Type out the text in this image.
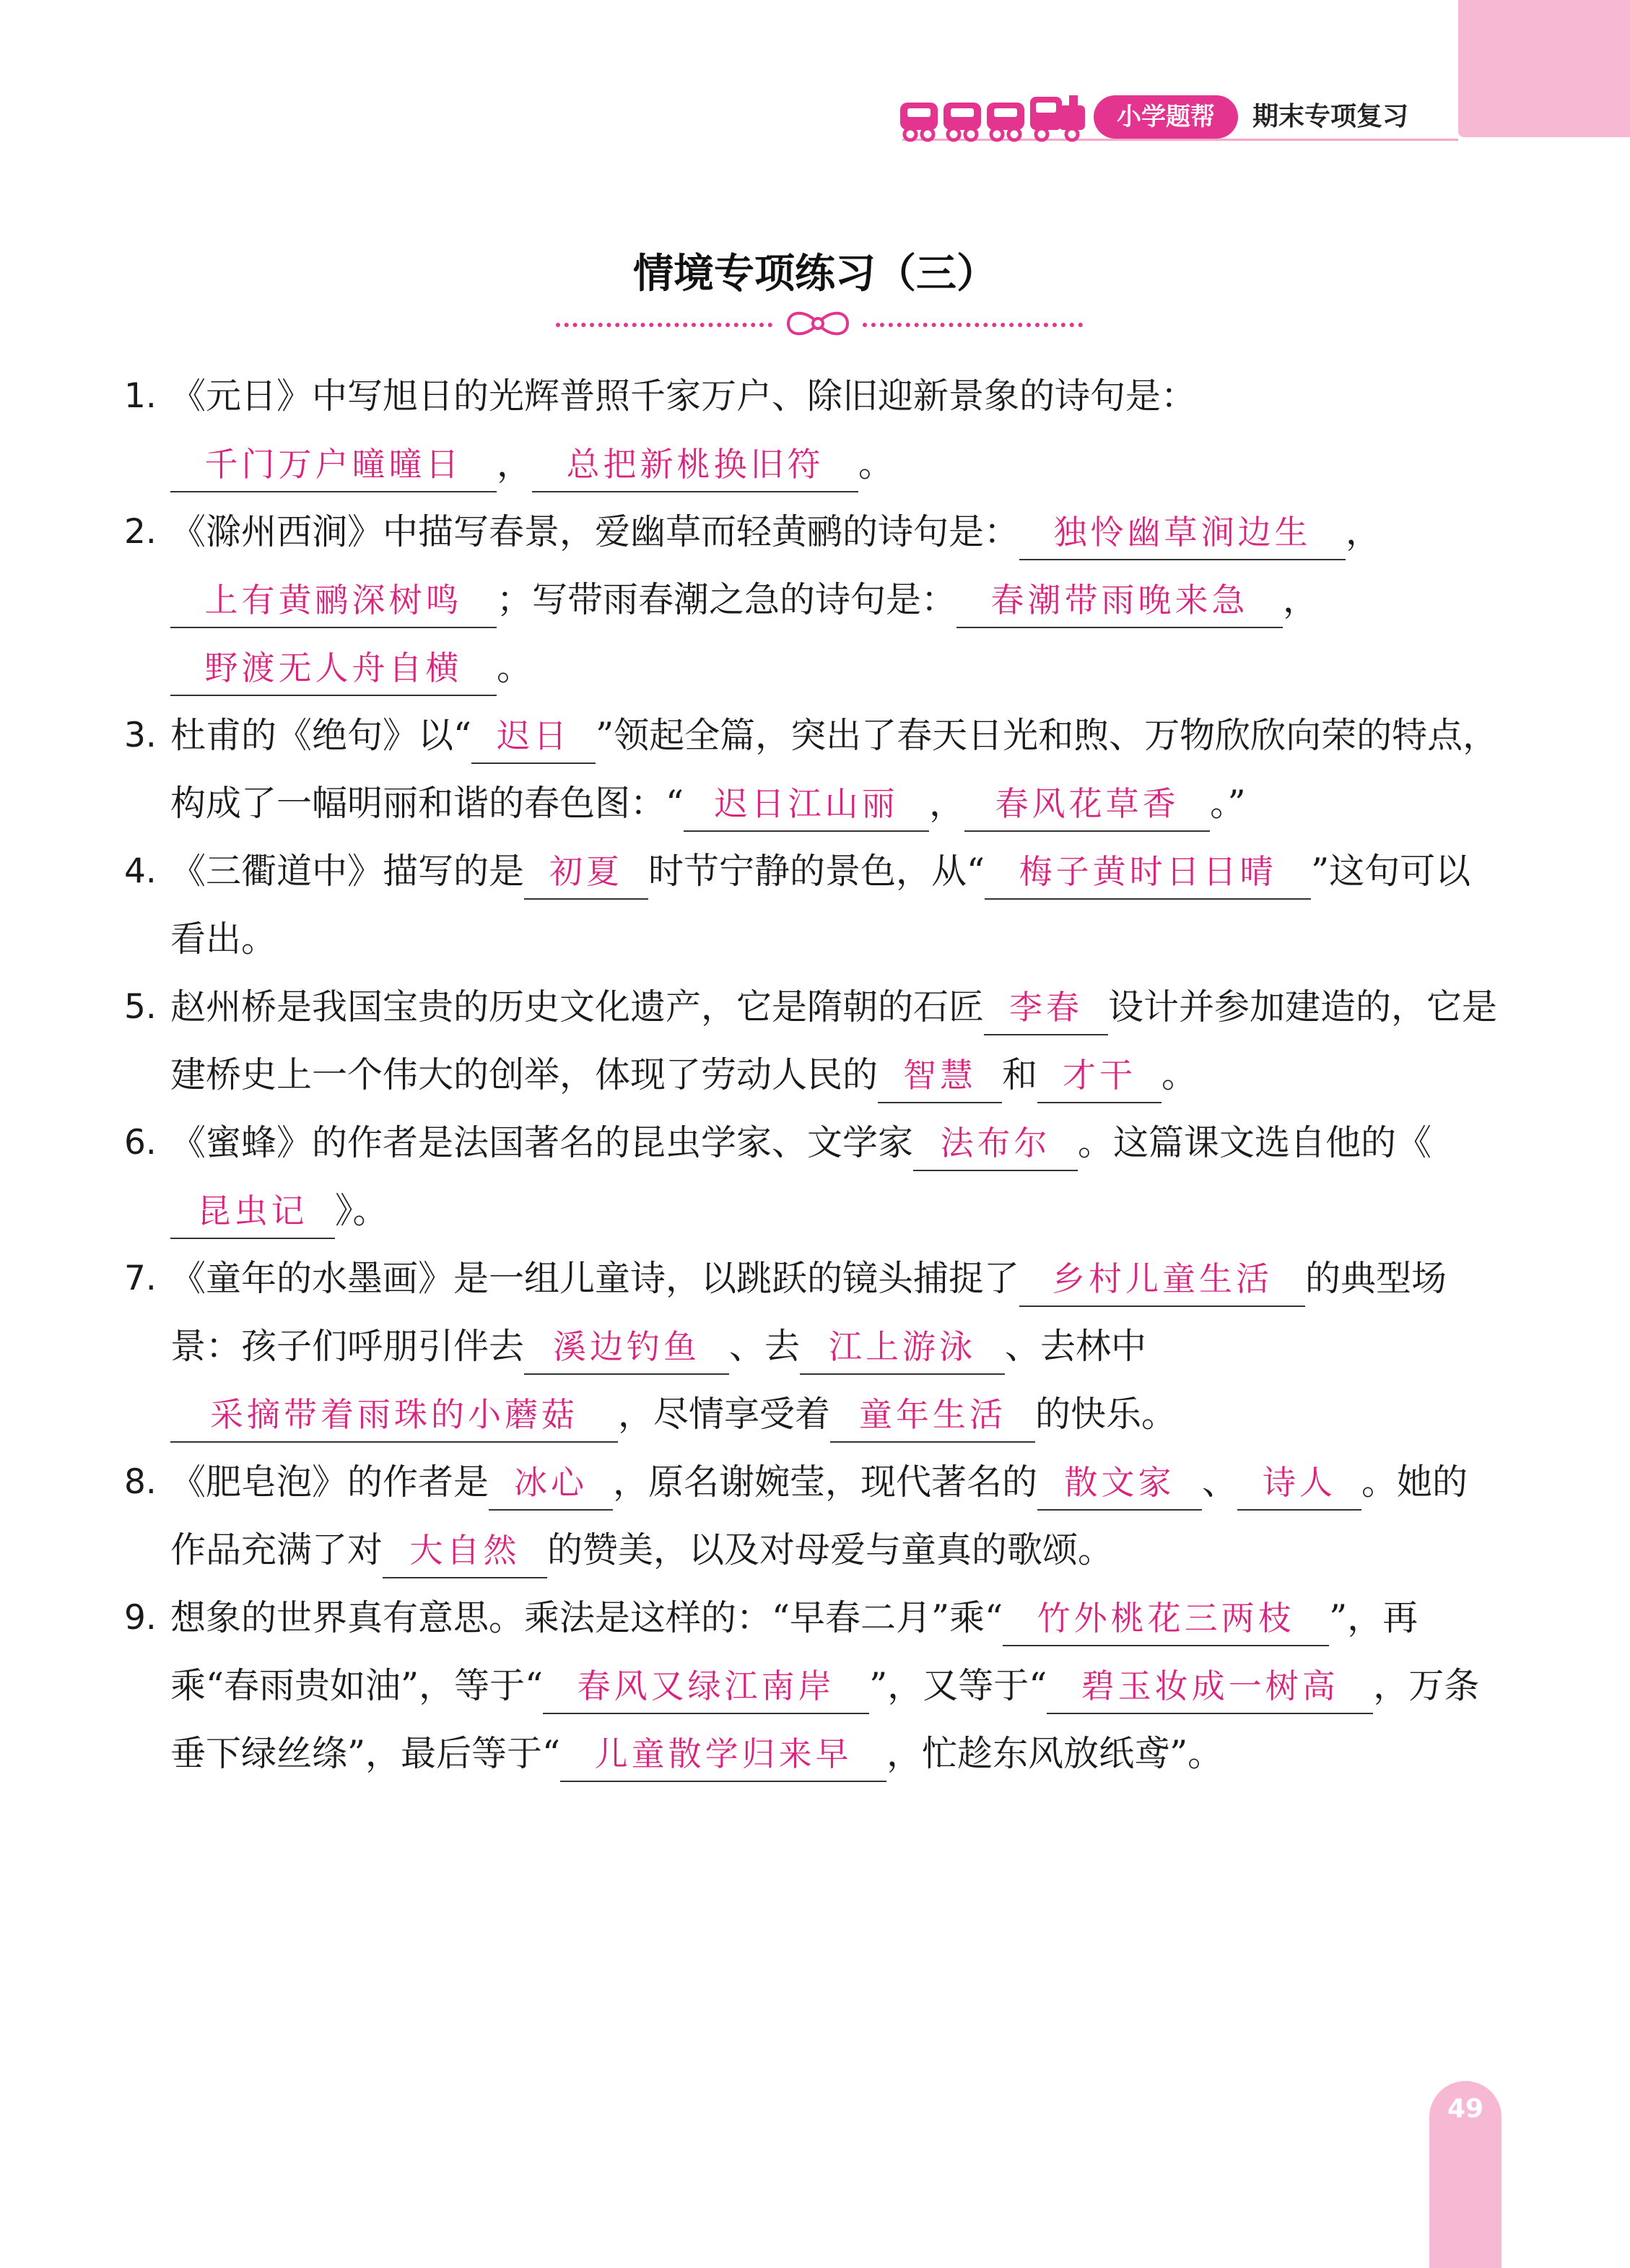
小学题帮	期末专项复习
情境专项练习（三）
1. 《元日》中写旭日的光辉普照千家万户、除旧迎新景象的诗句是：千门万户曈曈日 ， 总把新桃换旧符 。
2. 《滁州西涧》中描写春景，爱幽草而轻黄鹂的诗句是： 独怜幽草涧边生 ，上有黄鹂深树鸣 ；写带雨春潮之急的诗句是： 春潮带雨晚来急 ，野渡无人舟自横 。
3. 杜甫的《绝句》以“ 迟日 ”领起全篇，突出了春天日光和煦、万物欣欣向荣的特点，构成了一幅明丽和谐的春色图：“ 迟日江山丽 ， 春风花草香 。”
4. 《三衢道中》描写的是 初夏 时节宁静的景色，从“ 梅子黄时日日晴 ”这句可以看出。
5. 赵州桥是我国宝贵的历史文化遗产，它是隋朝的石匠 李春 设计并参加建造的，它是建桥史上一个伟大的创举，体现了劳动人民的 智慧 和 才干 。
6. 《蜜蜂》的作者是法国著名的昆虫学家、文学家 法布尔 。这篇课文选自他的《昆虫记 》。
7. 《童年的水墨画》是一组儿童诗，以跳跃的镜头捕捉了 乡村儿童生活 的典型场景：孩子们呼朋引伴去 溪边钓鱼 、去 江上游泳 、去林中采摘带着雨珠的小蘑菇 ，尽情享受着 童年生活 的快乐。
8. 《肥皂泡》的作者是 冰心 ，原名谢婉莹，现代著名的 散文家 、 诗人 。她的作品充满了对 大自然 的赞美，以及对母爱与童真的歌颂。
9. 想象的世界真有意思。乘法是这样的：“早春二月”乘“ 竹外桃花三两枝 ”，再乘“春雨贵如油”，等于“ 春风又绿江南岸 ”，又等于“ 碧玉妆成一树高 ，万条垂下绿丝绦”，最后等于“ 儿童散学归来早 ，忙趁东风放纸鸢”。
49
